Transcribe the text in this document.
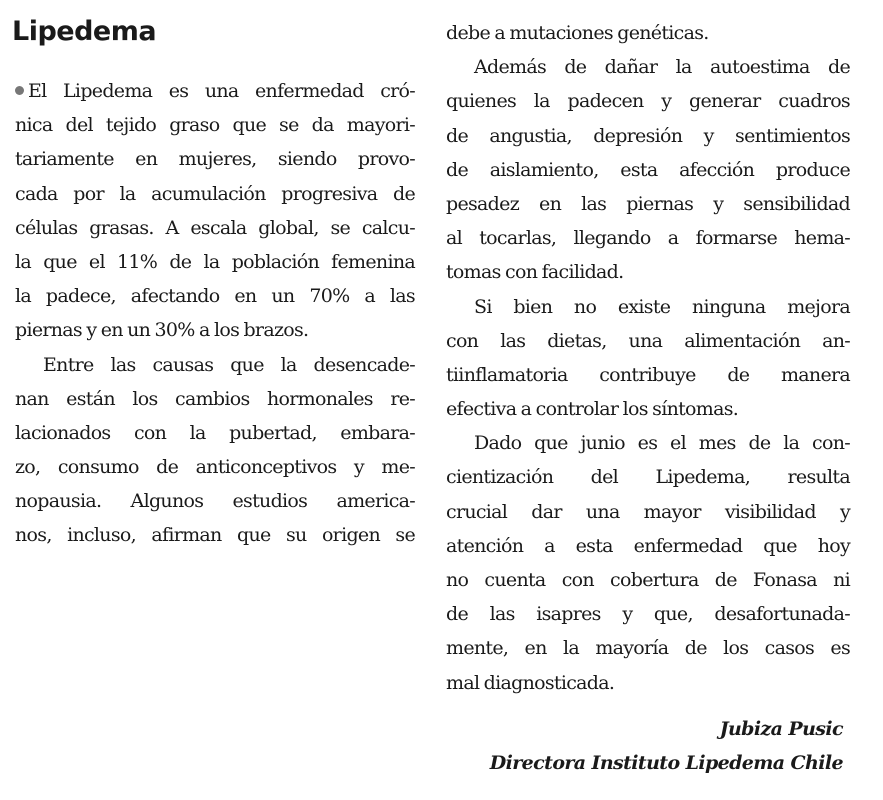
Lipedema
El Lipedema es una enfermedad cró-
nica del tejido graso que se da mayori-
tariamente en mujeres, siendo provo-
cada por la acumulación progresiva de
células grasas. A escala global, se calcu-
la que el 11% de la población femenina
la padece, afectando en un 70% a las
piernas y en un 30% a los brazos.
Entre las causas que la desencade-
nan están los cambios hormonales re-
lacionados con la pubertad, embara-
zo, consumo de anticonceptivos y me-
nopausia. Algunos estudios america-
nos, incluso, afirman que su origen se
debe a mutaciones genéticas.
Además de dañar la autoestima de
quienes la padecen y generar cuadros
de angustia, depresión y sentimientos
de aislamiento, esta afección produce
pesadez en las piernas y sensibilidad
al tocarlas, llegando a formarse hema-
tomas con facilidad.
Si bien no existe ninguna mejora
con las dietas, una alimentación an-
tiinflamatoria contribuye de manera
efectiva a controlar los síntomas.
Dado que junio es el mes de la con-
cientización del Lipedema, resulta
crucial dar una mayor visibilidad y
atención a esta enfermedad que hoy
no cuenta con cobertura de Fonasa ni
de las isapres y que, desafortunada-
mente, en la mayoría de los casos es
mal diagnosticada.
Jubiza Pusic
Directora Instituto Lipedema Chile
